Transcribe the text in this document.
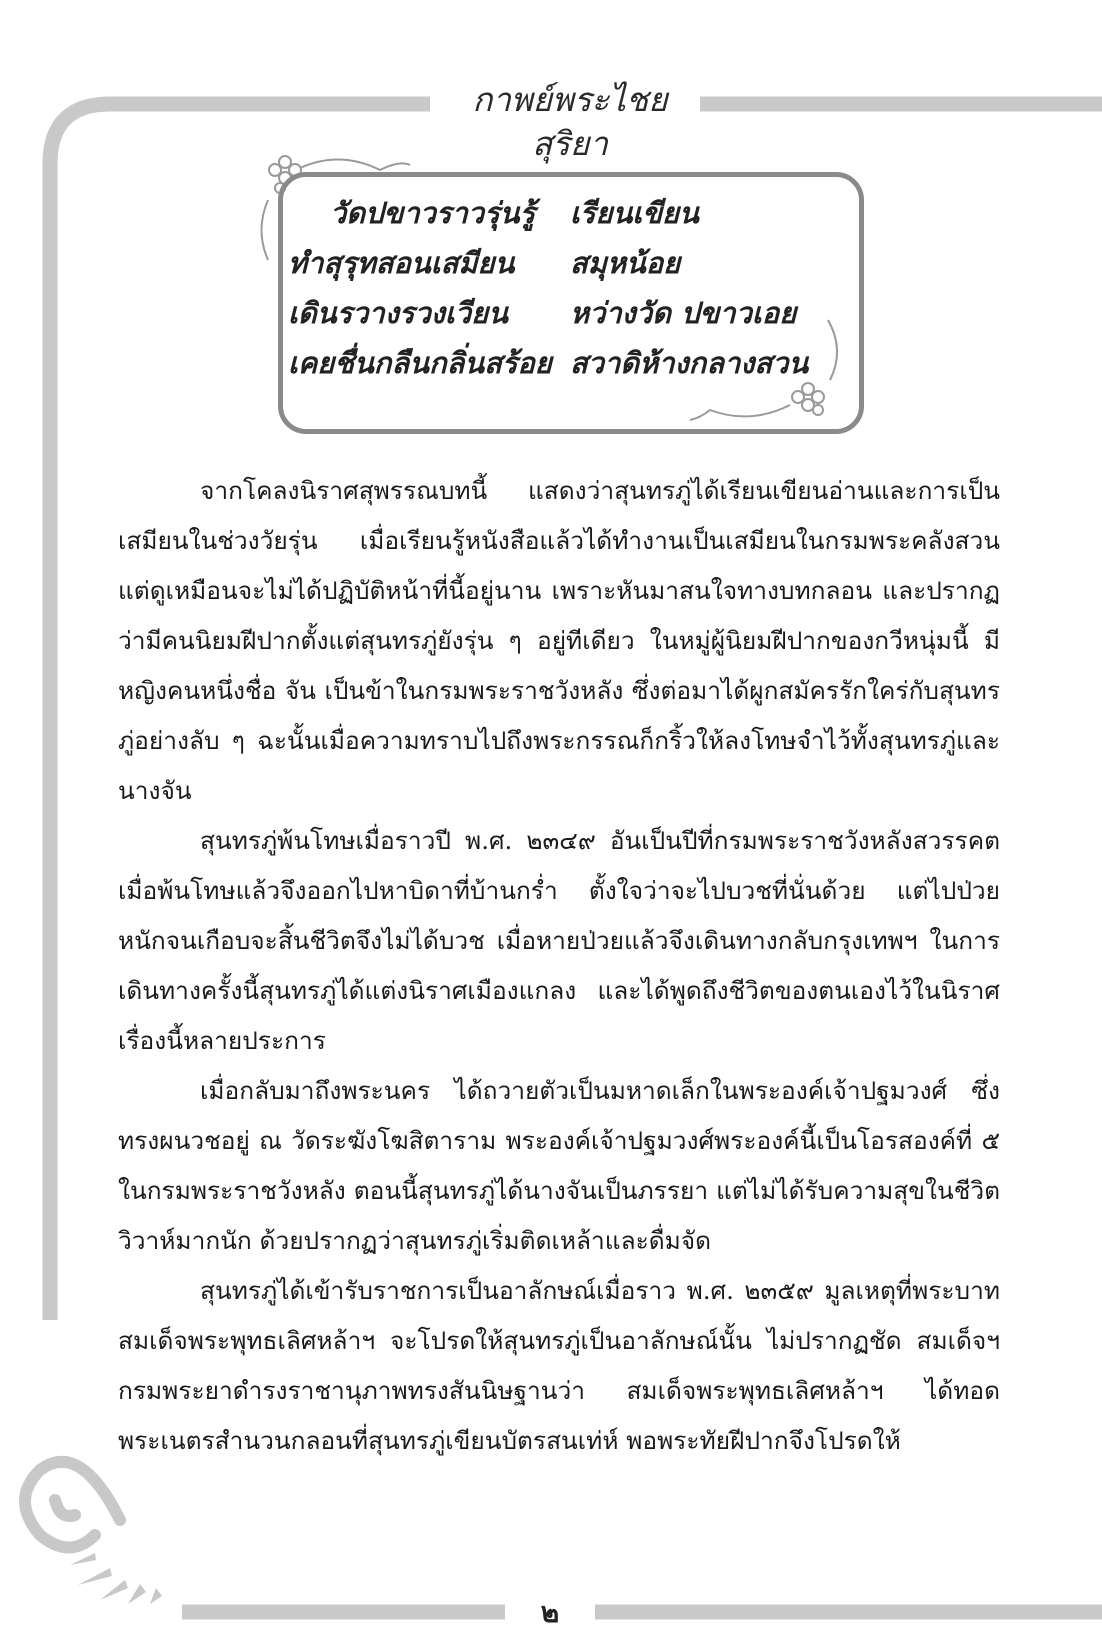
กาพย์พระไชยสุริยา
วัดปขาวราวรุ่นรู้ เรียนเขียน
ทำสุรุทสอนเสมียน สมุหน้อย
เดินรวางรวงเวียน หว่างวัด ปขาวเอย
เคยชื่นกลืนกลิ่นสร้อย สวาดิห้างกลางสวน

จากโคลงนิราศสุพรรณบทนี้ แสดงว่าสุนทรภู่ได้เรียนเขียนอ่านและการเป็นเสมียนในช่วงวัยรุ่น เมื่อเรียนรู้หนังสือแล้วได้ทำงานเป็นเสมียนในกรมพระคลังสวน แต่ดูเหมือนจะไม่ได้ปฏิบัติหน้าที่นี้อยู่นาน เพราะหันมาสนใจทางบทกลอน และปรากฏว่ามีคนนิยมฝีปากตั้งแต่สุนทรภู่ยังรุ่น ๆ อยู่ทีเดียว ในหมู่ผู้นิยมฝีปากของกวีหนุ่มนี้ มีหญิงคนหนึ่งชื่อ จัน เป็นข้าในกรมพระราชวังหลัง ซึ่งต่อมาได้ผูกสมัครรักใคร่กับสุนทรภู่อย่างลับ ๆ ฉะนั้นเมื่อความทราบไปถึงพระกรรณก็กริ้วให้ลงโทษจำไว้ทั้งสุนทรภู่และนางจัน

สุนทรภู่พ้นโทษเมื่อราวปี พ.ศ. ๒๓๔๙ อันเป็นปีที่กรมพระราชวังหลังสวรรคต เมื่อพ้นโทษแล้วจึงออกไปหาบิดาที่บ้านกร่ำ ตั้งใจว่าจะไปบวชที่นั่นด้วย แต่ไปป่วยหนักจนเกือบจะสิ้นชีวิตจึงไม่ได้บวช เมื่อหายป่วยแล้วจึงเดินทางกลับกรุงเทพฯ ในการเดินทางครั้งนี้สุนทรภู่ได้แต่งนิราศเมืองแกลง และได้พูดถึงชีวิตของตนเองไว้ในนิราศเรื่องนี้หลายประการ

เมื่อกลับมาถึงพระนคร ได้ถวายตัวเป็นมหาดเล็กในพระองค์เจ้าปฐมวงศ์ ซึ่งทรงผนวชอยู่ ณ วัดระฆังโฆสิตาราม พระองค์เจ้าปฐมวงศ์พระองค์นี้เป็นโอรสองค์ที่ ๕ ในกรมพระราชวังหลัง ตอนนี้สุนทรภู่ได้นางจันเป็นภรรยา แต่ไม่ได้รับความสุขในชีวิตวิวาห์มากนัก ด้วยปรากฏว่าสุนทรภู่เริ่มติดเหล้าและดื่มจัด

สุนทรภู่ได้เข้ารับราชการเป็นอาลักษณ์เมื่อราว พ.ศ. ๒๓๕๙ มูลเหตุที่พระบาทสมเด็จพระพุทธเลิศหล้าฯ จะโปรดให้สุนทรภู่เป็นอาลักษณ์นั้น ไม่ปรากฏชัด สมเด็จฯ กรมพระยาดำรงราชานุภาพทรงสันนิษฐานว่า สมเด็จพระพุทธเลิศหล้าฯ ได้ทอดพระเนตรสำนวนกลอนที่สุนทรภู่เขียนบัตรสนเท่ห์ พอพระทัยฝีปากจึงโปรดให้

๒
